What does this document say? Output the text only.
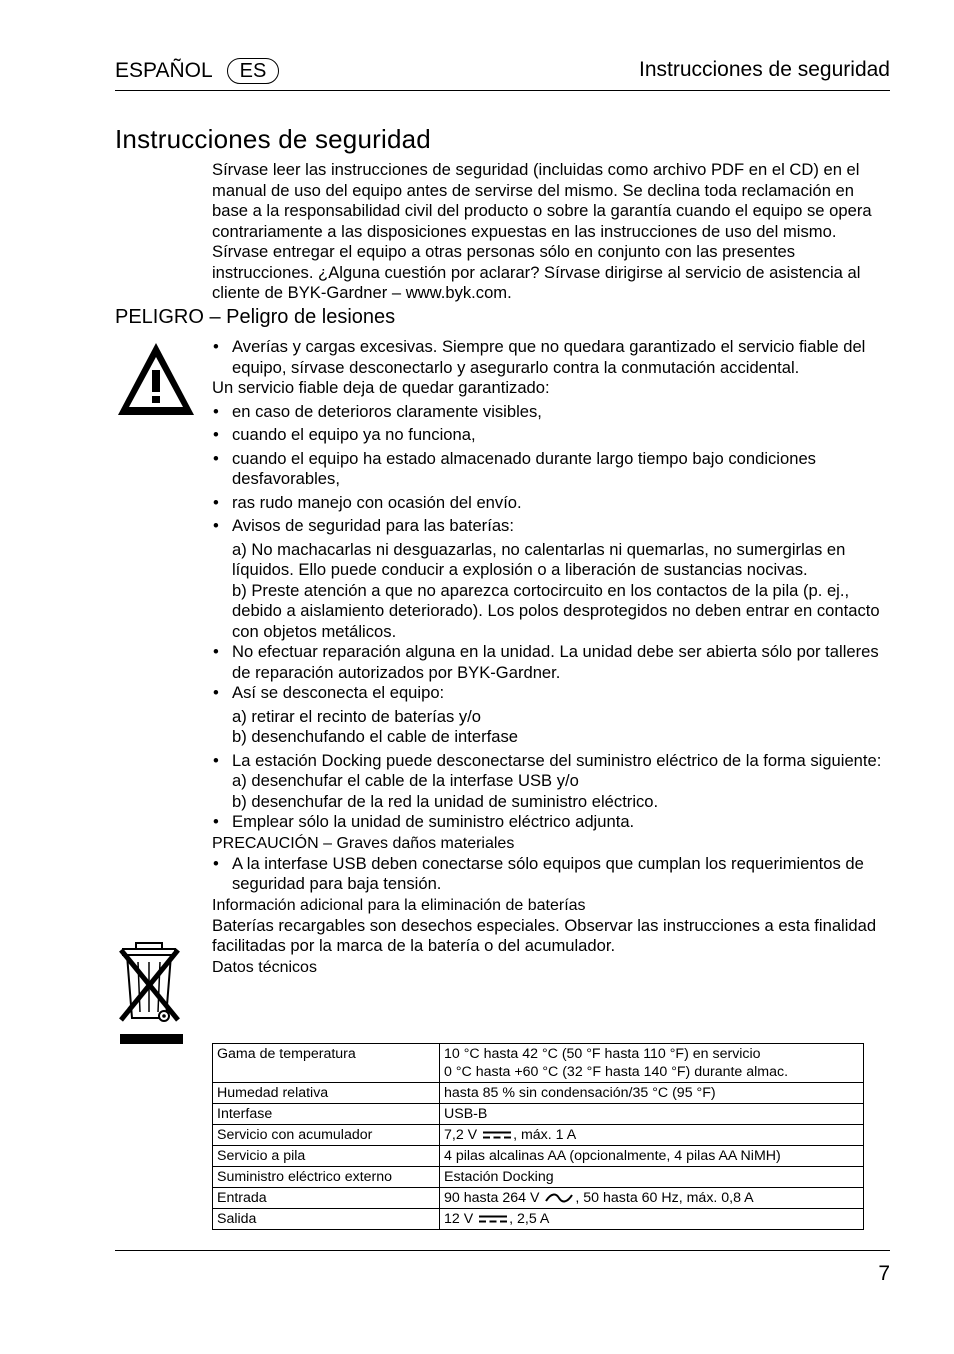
ESPAÑOL	ES	Instrucciones de seguridad
Instrucciones de seguridad
Sírvase leer las instrucciones de seguridad (incluidas como archivo PDF en el CD) en el manual de uso del equipo antes de servirse del mismo. Se declina toda reclamación en base a la responsabilidad civil del producto o sobre la garantía cuando el equipo se opera contrariamente a las disposiciones expuestas en las instrucciones de uso del mismo. Sírvase entregar el equipo a otras personas sólo en conjunto con las presentes instrucciones. ¿Alguna cuestión por aclarar? Sírvase dirigirse al servicio de asistencia al cliente de BYK-Gardner – www.byk.com.
PELIGRO – Peligro de lesiones

• Averías y cargas excesivas. Siempre que no quedara garantizado el servicio fiable del equipo, sírvase desconectarlo y asegurarlo contra la conmutación accidental.

Un servicio fiable deja de quedar garantizado:

• en caso de deterioros claramente visibles,

• cuando el equipo ya no funciona,

• cuando el equipo ha estado almacenado durante largo tiempo bajo condiciones desfavorables,

• ras rudo manejo con ocasión del envío.

• Avisos de seguridad para las baterías:

a) No machacarlas ni desguazarlas, no calentarlas ni quemarlas, no sumergirlas en líquidos. Ello puede conducir a explosión o a liberación de sustancias nocivas.

b) Preste atención a que no aparezca cortocircuito en los contactos de la pila (p. ej., debido a aislamiento deteriorado). Los polos desprotegidos no deben entrar en contacto con objetos metálicos.

• No efectuar reparación alguna en la unidad. La unidad debe ser abierta sólo por talleres de reparación autorizados por BYK-Gardner.

• Así se desconecta el equipo:

a) retirar el recinto de baterías y/o

b) desenchufando el cable de interfase

• La estación Docking puede desconectarse del suministro eléctrico de la forma siguiente:

a) desenchufar el cable de la interfase USB y/o

b) desenchufar de la red la unidad de suministro eléctrico.

• Emplear sólo la unidad de suministro eléctrico adjunta.

PRECAUCIÓN – Graves daños materiales

• A la interfase USB deben conectarse sólo equipos que cumplan los requerimientos de seguridad para baja tensión.

Información adicional para la eliminación de baterías

Baterías recargables son desechos especiales. Observar las instrucciones a esta finalidad facilitadas por la marca de la batería o del acumulador.

Datos técnicos

Gama de temperatura	10 °C hasta 42 °C (50 °F hasta 110 °F) en servicio
0 °C hasta +60 °C (32 °F hasta 140 °F) durante almac.

Humedad relativa	hasta 85 % sin condensación/35 °C (95 °F)
Interfase	USB-B
Servicio con acumulador	7,2 V , máx. 1 A
Servicio a pila	4 pilas alcalinas AA (opcionalmente, 4 pilas AA NiMH)
Suministro eléctrico externo	Estación Docking
Entrada	90 hasta 264 V , 50 hasta 60 Hz, máx. 0,8 A
Salida	12 V , 2,5 A
7
